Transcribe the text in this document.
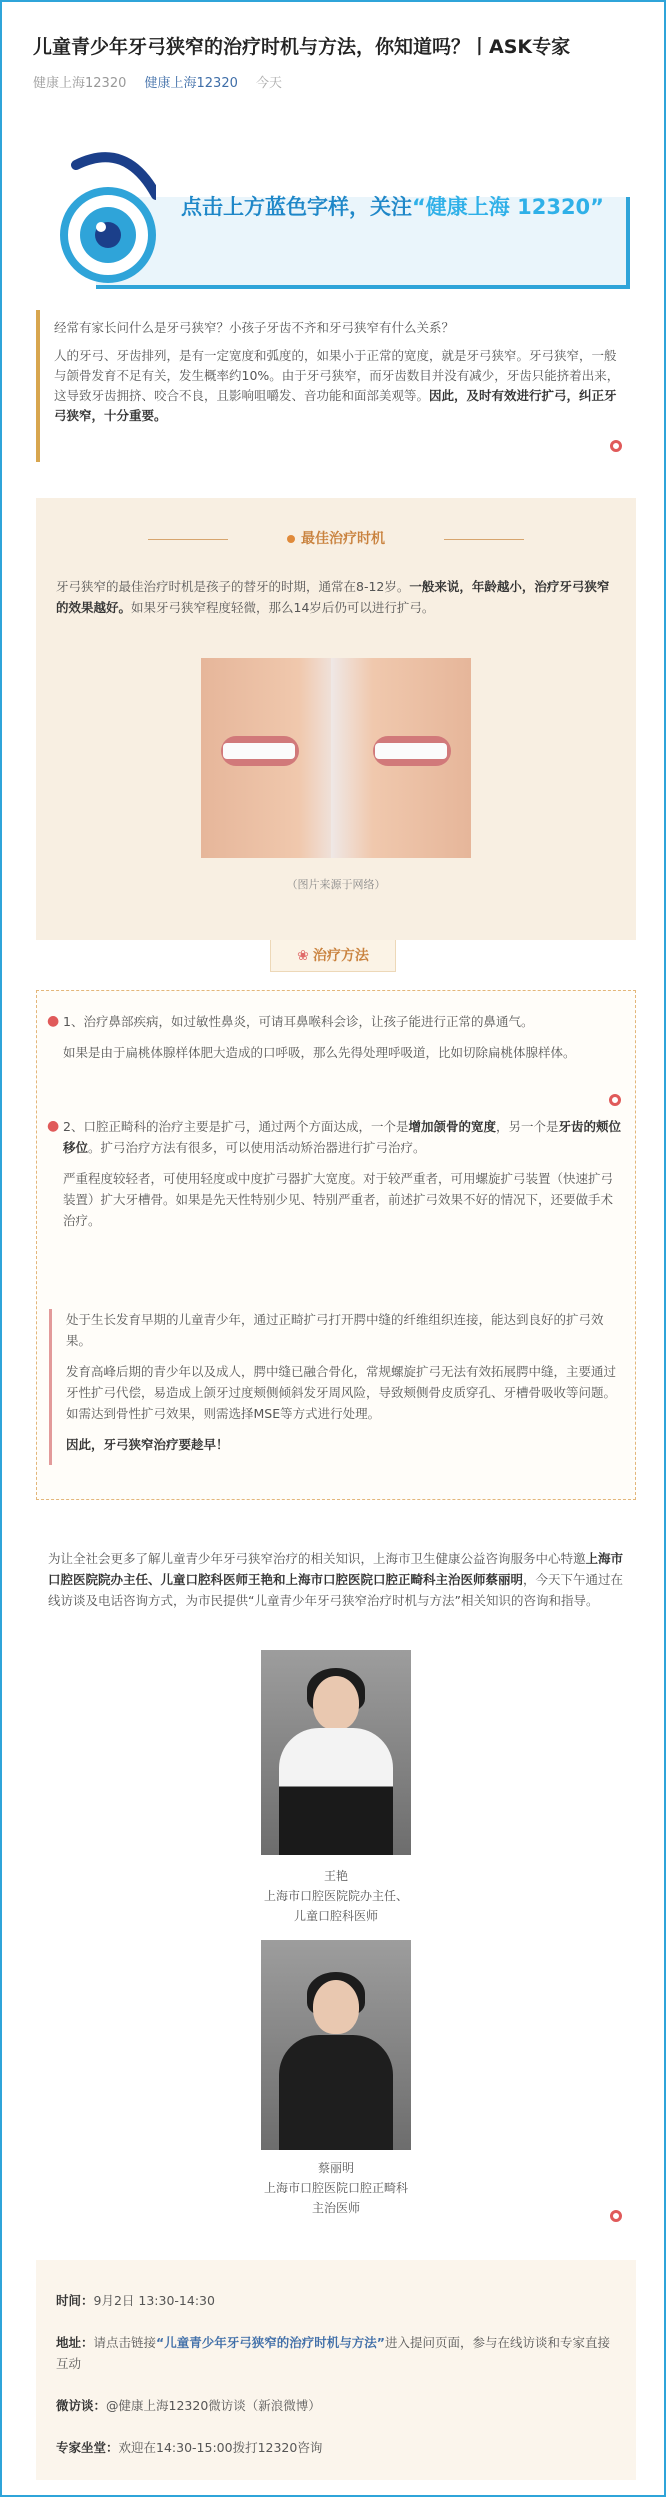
儿童青少年牙弓狭窄的治疗时机与方法，你知道吗？丨ASK专家
健康上海12320 健康上海12320 今天
点击上方蓝色字样，关注“健康上海 12320”

经常有家长问什么是牙弓狭窄？小孩子牙齿不齐和牙弓狭窄有什么关系？

人的牙弓、牙齿排列，是有一定宽度和弧度的，如果小于正常的宽度，就是牙弓狭窄。牙弓狭窄，一般与颌骨发育不足有关，发生概率约10%。由于牙弓狭窄，而牙齿数目并没有减少，牙齿只能挤着出来，这导致牙齿拥挤、咬合不良，且影响咀嚼发、音功能和面部美观等。因此，及时有效进行扩弓，纠正牙弓狭窄，十分重要。

最佳治疗时机

牙弓狭窄的最佳治疗时机是孩子的替牙的时期，通常在8-12岁。一般来说，年龄越小，治疗牙弓狭窄的效果越好。如果牙弓狭窄程度轻微，那么14岁后仍可以进行扩弓。

（图片来源于网络）
❀ 治疗方法
● 1、治疗鼻部疾病，如过敏性鼻炎，可请耳鼻喉科会诊，让孩子能进行正常的鼻通气。

如果是由于扁桃体腺样体肥大造成的口呼吸，那么先得处理呼吸道，比如切除扁桃体腺样体。

● 2、口腔正畸科的治疗主要是扩弓，通过两个方面达成，一个是增加颌骨的宽度，另一个是牙齿的颊位移位。扩弓治疗方法有很多，可以使用活动矫治器进行扩弓治疗。

严重程度较轻者，可使用轻度或中度扩弓器扩大宽度。对于较严重者，可用螺旋扩弓装置（快速扩弓装置）扩大牙槽骨。如果是先天性特别少见、特别严重者，前述扩弓效果不好的情况下，还要做手术治疗。

处于生长发育早期的儿童青少年，通过正畸扩弓打开腭中缝的纤维组织连接，能达到良好的扩弓效果。

发育高峰后期的青少年以及成人，腭中缝已融合骨化，常规螺旋扩弓无法有效拓展腭中缝，主要通过牙性扩弓代偿，易造成上颌牙过度颊侧倾斜发牙周风险，导致颊侧骨皮质穿孔、牙槽骨吸收等问题。如需达到骨性扩弓效果，则需选择MSE等方式进行处理。

因此，牙弓狭窄治疗要趁早！

为让全社会更多了解儿童青少年牙弓狭窄治疗的相关知识，上海市卫生健康公益咨询服务中心特邀上海市口腔医院院办主任、儿童口腔科医师王艳和上海市口腔医院口腔正畸科主治医师蔡丽明，今天下午通过在线访谈及电话咨询方式，为市民提供“儿童青少年牙弓狭窄治疗时机与方法”相关知识的咨询和指导。

王艳
上海市口腔医院院办主任、
儿童口腔科医师
蔡丽明
上海市口腔医院口腔正畸科
主治医师
时间：9月2日 13:30-14:30
地址：请点击链接“儿童青少年牙弓狭窄的治疗时机与方法”进入提问页面，参与在线访谈和专家直接互动
微访谈：@健康上海12320微访谈（新浪微博）
专家坐堂：欢迎在14:30-15:00拨打12320咨询
